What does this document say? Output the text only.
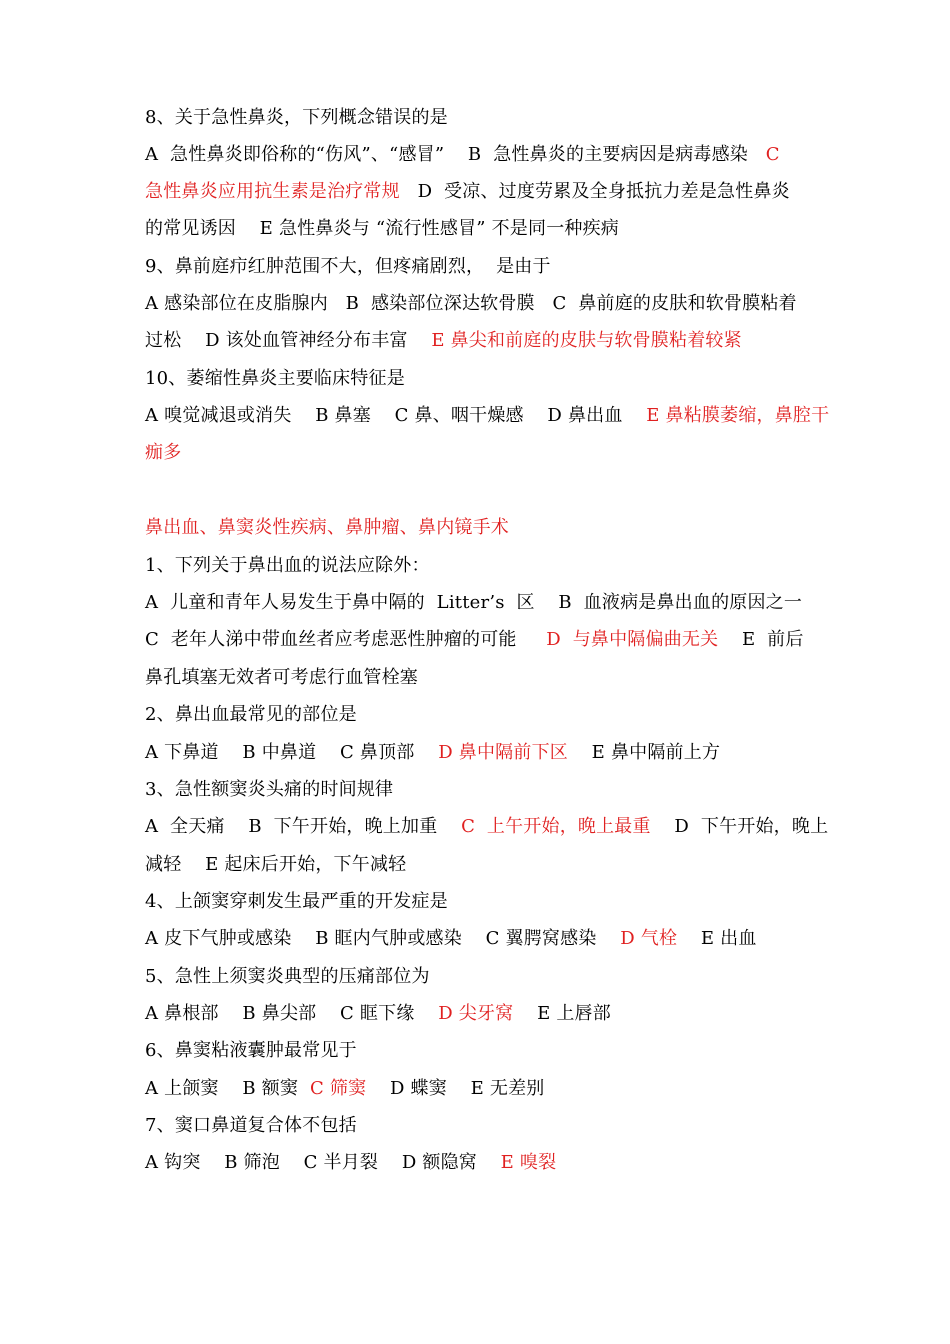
8、关于急性鼻炎，下列概念错误的是

A  急性鼻炎即俗称的“伤风”、“感冒”    B  急性鼻炎的主要病因是病毒感染   C

急性鼻炎应用抗生素是治疗常规   D  受凉、过度劳累及全身抵抗力差是急性鼻炎

的常见诱因    E 急性鼻炎与 “流行性感冒” 不是同一种疾病

9、鼻前庭疖红肿范围不大，但疼痛剧烈，  是由于

A 感染部位在皮脂腺内   B  感染部位深达软骨膜   C  鼻前庭的皮肤和软骨膜粘着

过松    D 该处血管神经分布丰富    E 鼻尖和前庭的皮肤与软骨膜粘着较紧

10、萎缩性鼻炎主要临床特征是

A 嗅觉减退或消失    B 鼻塞    C 鼻、咽干燥感    D 鼻出血    E 鼻粘膜萎缩，鼻腔干

痂多

鼻出血、鼻窦炎性疾病、鼻肿瘤、鼻内镜手术

1、下列关于鼻出血的说法应除外：

A  儿童和青年人易发生于鼻中隔的  Litter’s  区    B  血液病是鼻出血的原因之一

C  老年人涕中带血丝者应考虑恶性肿瘤的可能     D  与鼻中隔偏曲无关    E  前后

鼻孔填塞无效者可考虑行血管栓塞

2、鼻出血最常见的部位是

A 下鼻道    B 中鼻道    C 鼻顶部    D 鼻中隔前下区    E 鼻中隔前上方

3、急性额窦炎头痛的时间规律

A  全天痛    B  下午开始，晚上加重    C  上午开始，晚上最重    D  下午开始，晚上

减轻    E 起床后开始，下午减轻

4、上颌窦穿刺发生最严重的开发症是

A 皮下气肿或感染    B 眶内气肿或感染    C 翼腭窝感染    D 气栓    E 出血

5、急性上须窦炎典型的压痛部位为

A 鼻根部    B 鼻尖部    C 眶下缘    D 尖牙窝    E 上唇部

6、鼻窦粘液囊肿最常见于

A 上颌窦    B 额窦  C 筛窦    D 蝶窦    E 无差别

7、窦口鼻道复合体不包括

A 钩突    B 筛泡    C 半月裂    D 额隐窝    E 嗅裂
